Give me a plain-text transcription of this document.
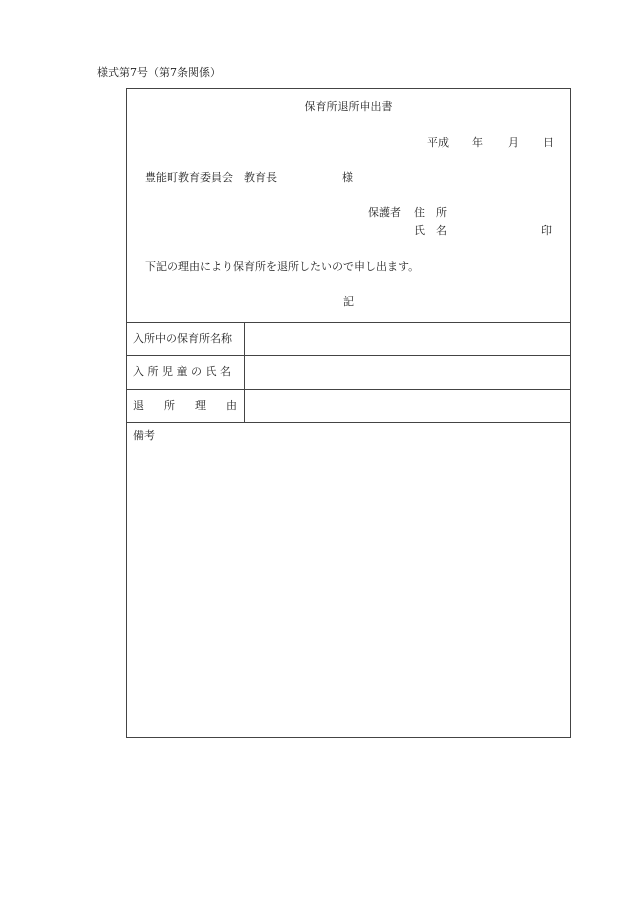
様式第7号（第7条関係）
保育所退所申出書
平成 年 月 日
豊能町教育委員会　教育長	様
保護者 住　所
氏　名	印
下記の理由により保育所を退所したいので申し出ます。
記
入所中の保育所名称
入所児童の氏名
退所理由
備考
